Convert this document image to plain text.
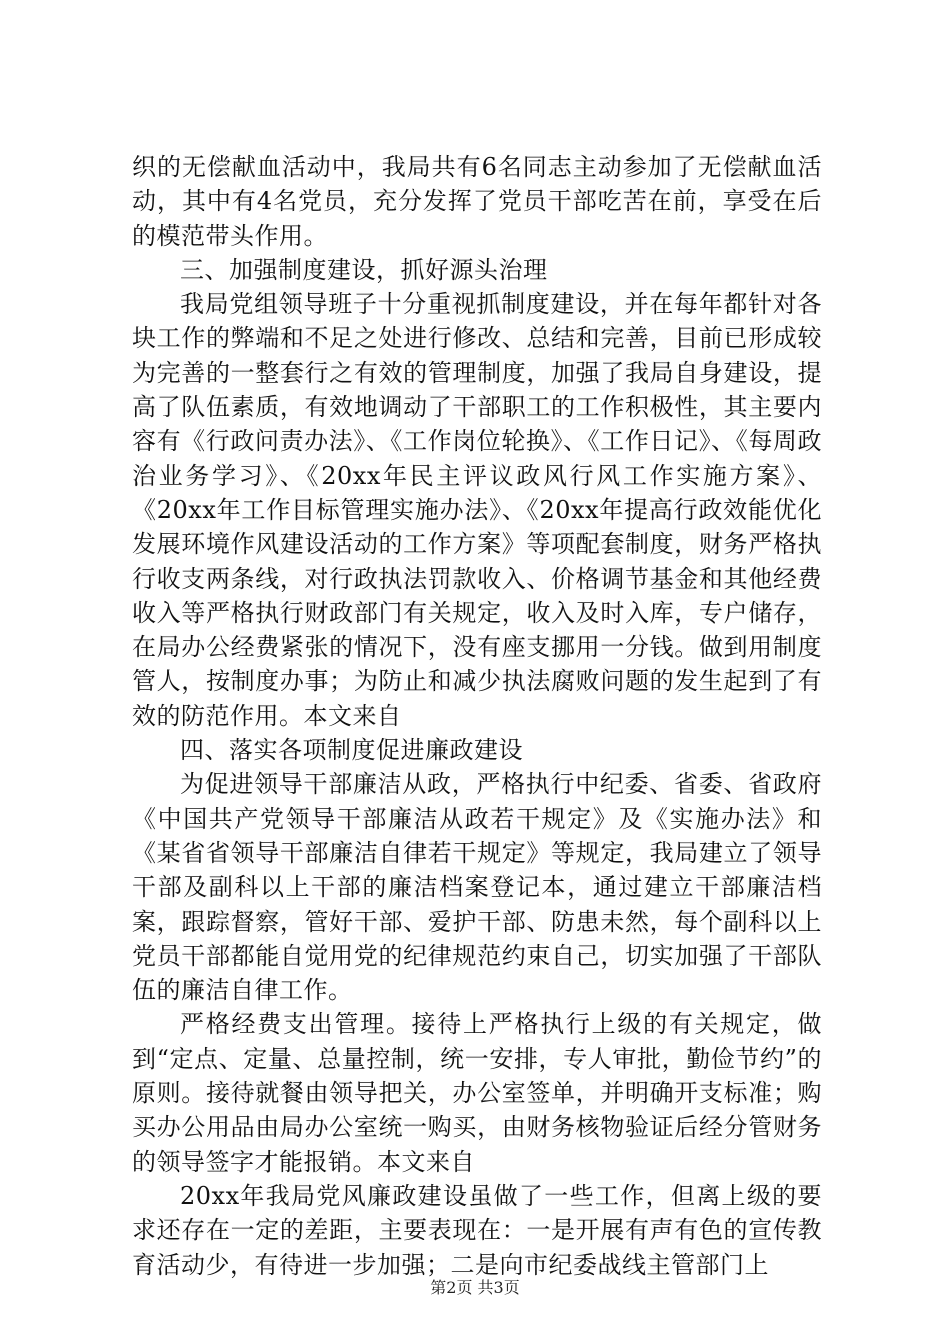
织的无偿献血活动中，我局共有6名同志主动参加了无偿献血活动，其中有4名党员，充分发挥了党员干部吃苦在前，享受在后的模范带头作用。

三、加强制度建设，抓好源头治理

我局党组领导班子十分重视抓制度建设，并在每年都针对各块工作的弊端和不足之处进行修改、总结和完善，目前已形成较为完善的一整套行之有效的管理制度，加强了我局自身建设，提高了队伍素质，有效地调动了干部职工的工作积极性，其主要内容有《行政问责办法》、《工作岗位轮换》、《工作日记》、《每周政治业务学习》、《20xx年民主评议政风行风工作实施方案》、《20xx年工作目标管理实施办法》、《20xx年提高行政效能优化发展环境作风建设活动的工作方案》等项配套制度，财务严格执行收支两条线，对行政执法罚款收入、价格调节基金和其他经费收入等严格执行财政部门有关规定，收入及时入库，专户储存，在局办公经费紧张的情况下，没有座支挪用一分钱。做到用制度管人，按制度办事；为防止和减少执法腐败问题的发生起到了有效的防范作用。本文来自

四、落实各项制度促进廉政建设

为促进领导干部廉洁从政，严格执行中纪委、省委、省政府《中国共产党领导干部廉洁从政若干规定》及《实施办法》和《某省省领导干部廉洁自律若干规定》等规定，我局建立了领导干部及副科以上干部的廉洁档案登记本，通过建立干部廉洁档案，跟踪督察，管好干部、爱护干部、防患未然，每个副科以上党员干部都能自觉用党的纪律规范约束自己，切实加强了干部队伍的廉洁自律工作。

严格经费支出管理。接待上严格执行上级的有关规定，做到“定点、定量、总量控制，统一安排，专人审批，勤俭节约”的原则。接待就餐由领导把关，办公室签单，并明确开支标准；购买办公用品由局办公室统一购买，由财务核物验证后经分管财务的领导签字才能报销。本文来自

20xx年我局党风廉政建设虽做了一些工作，但离上级的要求还存在一定的差距，主要表现在：一是开展有声有色的宣传教育活动少，有待进一步加强；二是向市纪委战线主管部门上

第2页 共3页
